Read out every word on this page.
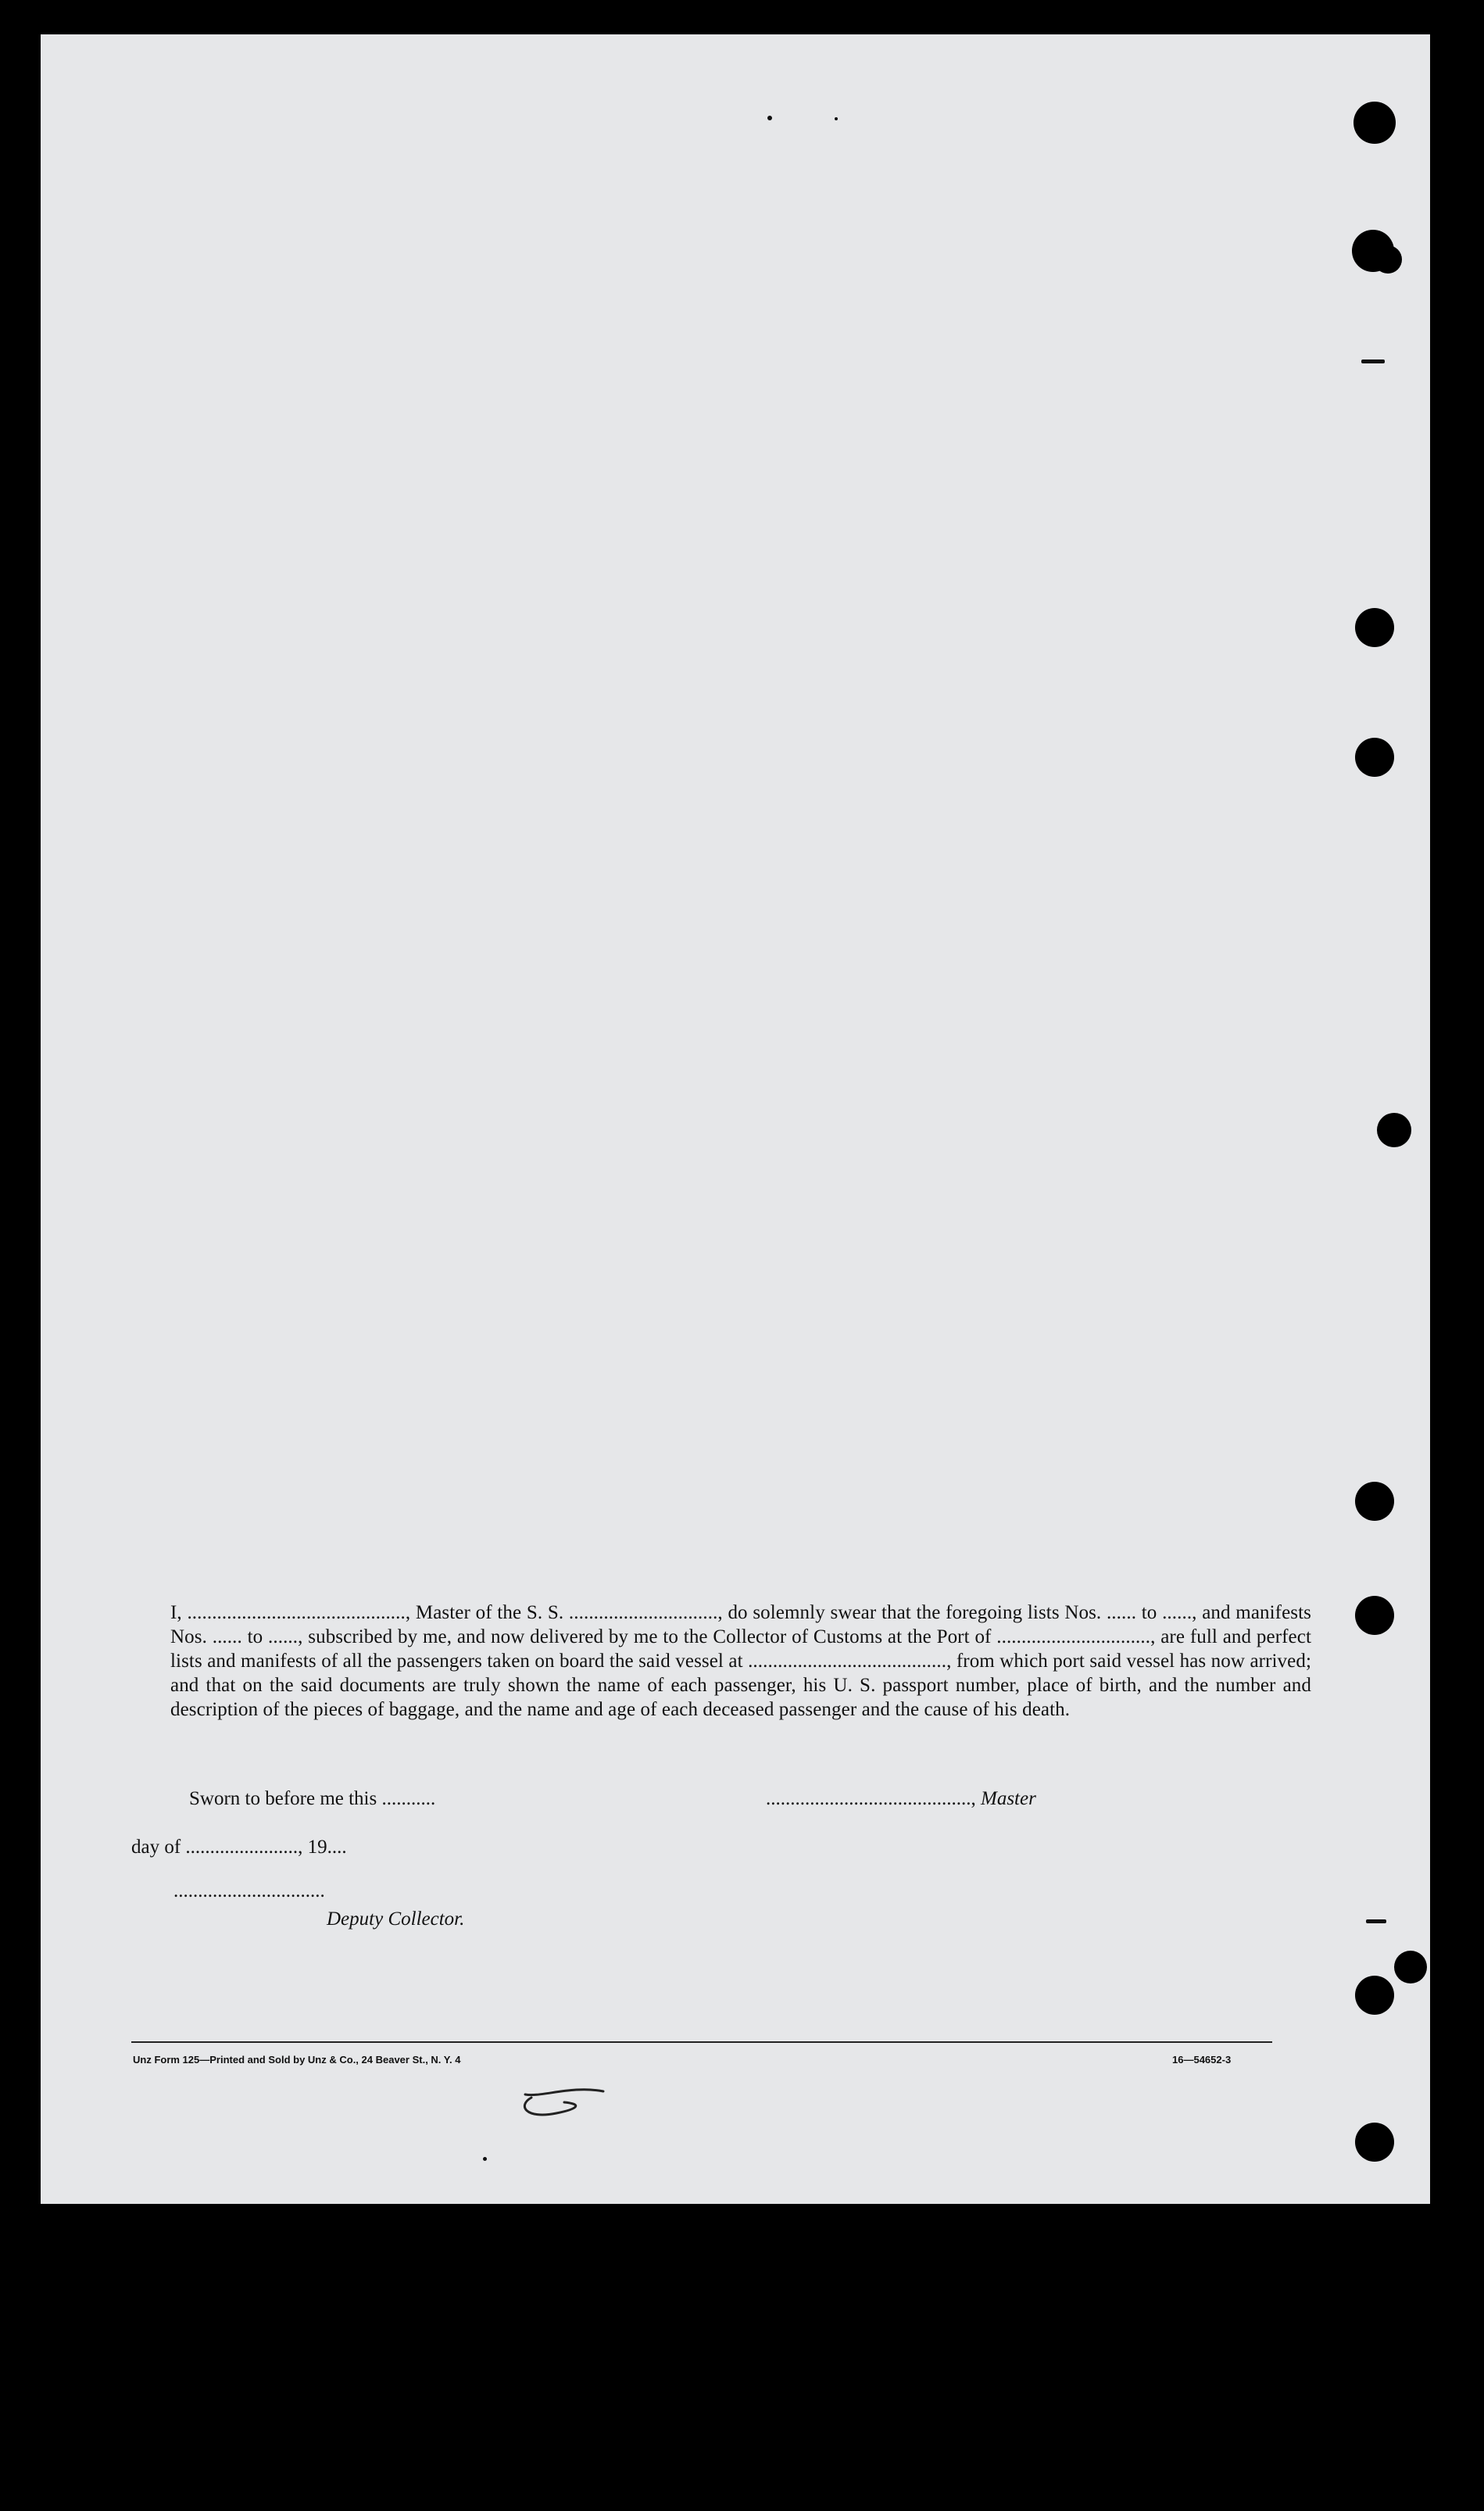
I, ............................................, Master of the S. S. .............................., do solemnly swear that the foregoing lists Nos. ...... to ......, and manifests Nos. ...... to ......, subscribed by me, and now delivered by me to the Collector of Customs at the Port of ..............................., are full and perfect lists and manifests of all the passengers taken on board the said vessel at ........................................, from which port said vessel has now arrived; and that on the said documents are truly shown the name of each passenger, his U. S. passport number, place of birth, and the number and description of the pieces of baggage, and the name and age of each deceased passenger and the cause of his death.

Sworn to before me this ...........	.........................................., Master
day of ......................., 19....
...............................
Deputy Collector.
Unz Form 125—Printed and Sold by Unz & Co., 24 Beaver St., N. Y. 4	16—54652-3
5
